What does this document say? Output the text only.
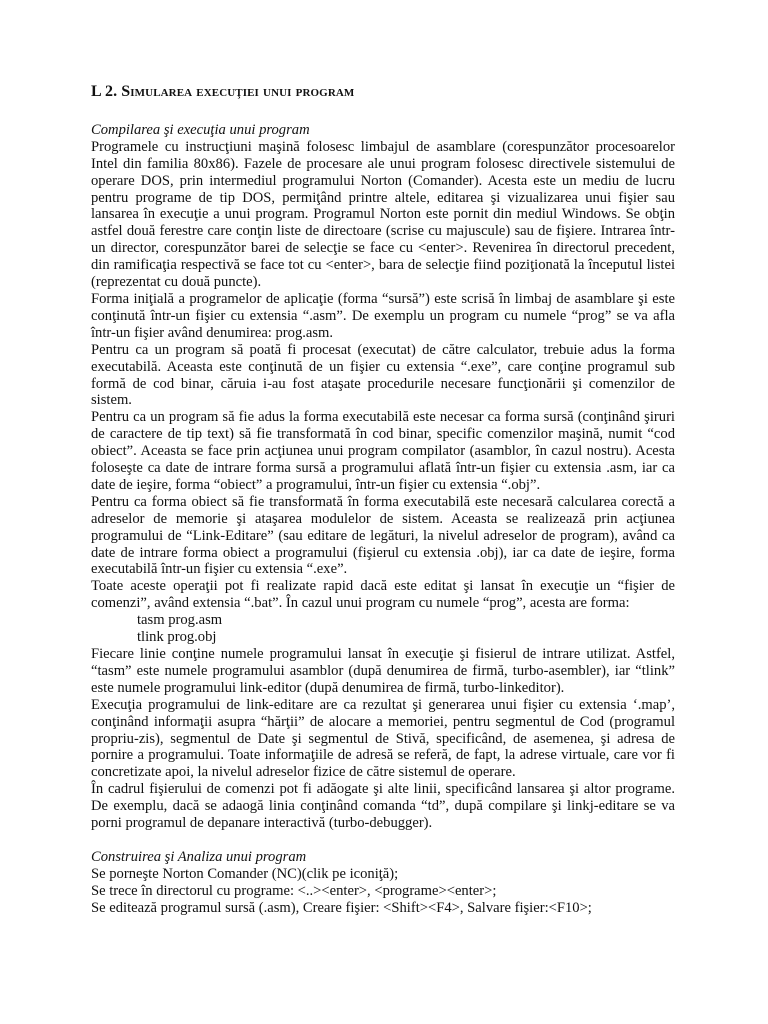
L 2. Simularea execuţiei unui program
Compilarea şi execuţia unui program

Programele cu instrucţiuni maşină folosesc limbajul de asamblare (corespunzător procesoarelor Intel din familia 80x86). Fazele de procesare ale unui program folosesc directivele sistemului de operare DOS, prin intermediul programului Norton (Comander). Acesta este un mediu de lucru pentru programe de tip DOS, permiţând printre altele, editarea şi vizualizarea unui fişier sau lansarea în execuţie a unui program. Programul Norton este pornit din mediul Windows. Se obţin astfel două ferestre care conţin liste de directoare (scrise cu majuscule) sau de fişiere. Intrarea într-un director, corespunzător barei de selecţie se face cu <enter>. Revenirea în directorul precedent, din ramificaţia respectivă se face tot cu <enter>, bara de selecţie fiind poziţionată la începutul listei (reprezentat cu două puncte).

Forma iniţială a programelor de aplicaţie (forma “sursă”) este scrisă în limbaj de asamblare şi este conţinută într-un fişier cu extensia “.asm”. De exemplu un program cu numele “prog” se va afla într-un fişier având denumirea: prog.asm.

Pentru ca un program să poată fi procesat (executat) de către calculator, trebuie adus la forma executabilă. Aceasta este conţinută de un fişier cu extensia “.exe”, care conţine programul sub formă de cod binar, căruia i-au fost ataşate procedurile necesare funcţionării şi comenzilor de sistem.

Pentru ca un program să fie adus la forma executabilă este necesar ca forma sursă (conţinând şiruri de caractere de tip text) să fie transformată în cod binar, specific comenzilor maşină, numit “cod obiect”. Aceasta se face prin acţiunea unui program compilator (asamblor, în cazul nostru). Acesta foloseşte ca date de intrare forma sursă a programului aflată într-un fişier cu extensia .asm, iar ca date de ieşire, forma “obiect” a programului, într-un fişier cu extensia “.obj”.

Pentru ca forma obiect să fie transformată în forma executabilă este necesară calcularea corectă a adreselor de memorie şi ataşarea modulelor de sistem. Aceasta se realizează prin acţiunea programului de “Link-Editare” (sau editare de legături, la nivelul adreselor de program), având ca date de intrare forma obiect a programului (fişierul cu extensia .obj), iar ca date de ieşire, forma executabilă într-un fişier cu extensia “.exe”.

Toate aceste operaţii pot fi realizate rapid dacă este editat şi lansat în execuţie un “fişier de comenzi”, având extensia “.bat”. În cazul unui program cu numele “prog”, acesta are forma:

tasm prog.asm
tlink prog.obj

Fiecare linie conţine numele programului lansat în execuţie şi fisierul de intrare utilizat. Astfel, “tasm” este numele programului asamblor (după denumirea de firmă, turbo-asembler), iar “tlink” este numele programului link-editor (după denumirea de firmă, turbo-linkeditor).

Execuţia programului de link-editare are ca rezultat şi generarea unui fişier cu extensia ‘.map’, conţinând informaţii asupra “hărţii” de alocare a memoriei, pentru segmentul de Cod (programul propriu-zis), segmentul de Date şi segmentul de Stivă, specificând, de asemenea, şi adresa de pornire a programului. Toate informaţiile de adresă se referă, de fapt, la adrese virtuale, care vor fi concretizate apoi, la nivelul adreselor fizice de către sistemul de operare.

În cadrul fişierului de comenzi pot fi adăogate şi alte linii, specificând lansarea şi altor programe. De exemplu, dacă se adaogă linia conţinând comanda “td”, după compilare şi linkj-editare se va porni programul de depanare interactivă (turbo-debugger).

Construirea şi Analiza unui program

Se porneşte Norton Comander (NC)(clik pe iconiţă);

Se trece în directorul cu programe: <..><enter>, <programe><enter>;

Se editează programul sursă (.asm), Creare fişier: <Shift><F4>, Salvare fişier:<F10>;
